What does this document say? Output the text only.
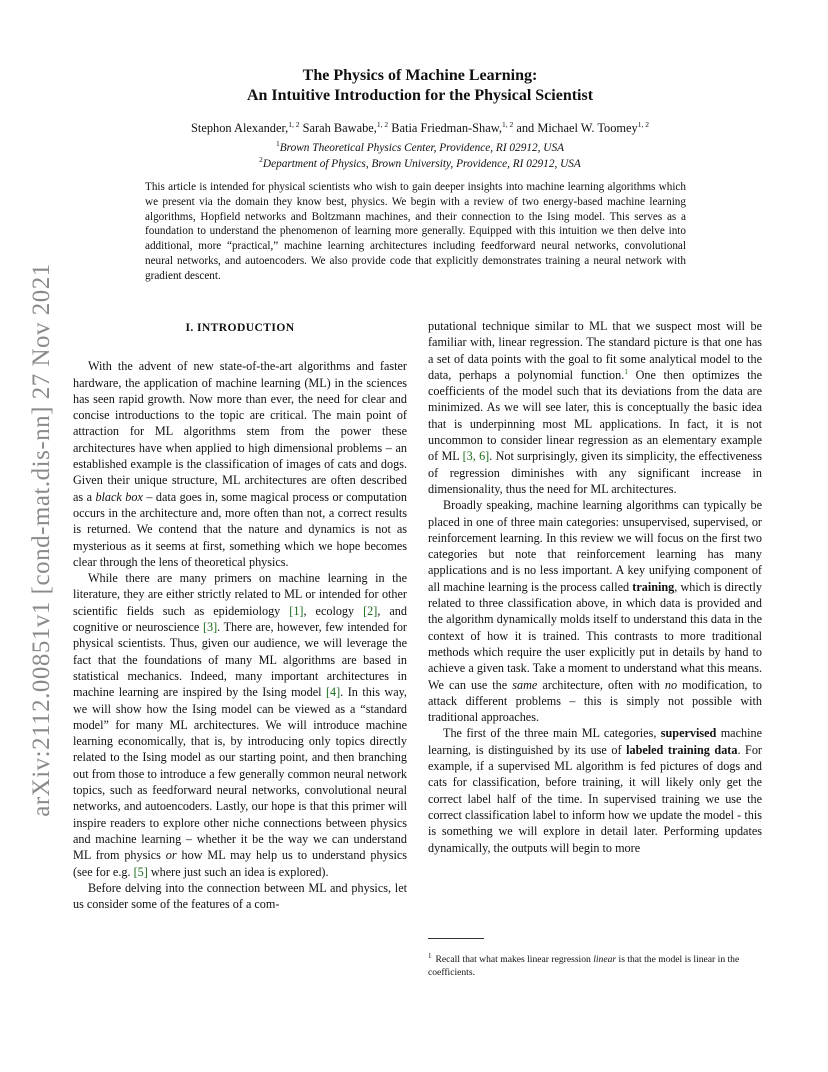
arXiv:2112.00851v1 [cond-mat.dis-nn] 27 Nov 2021
The Physics of Machine Learning:
An Intuitive Introduction for the Physical Scientist
Stephon Alexander,$^{1, 2}$ Sarah Bawabe,$^{1, 2}$ Batia Friedman-Shaw,$^{1, 2}$ and Michael W. Toomey$^{1, 2}$
$^1$Brown Theoretical Physics Center, Providence, RI 02912, USA
$^2$Department of Physics, Brown University, Providence, RI 02912, USA
This article is intended for physical scientists who wish to gain deeper insights into machine learning algorithms which we present via the domain they know best, physics. We begin with a review of two energy-based machine learning algorithms, Hopfield networks and Boltzmann machines, and their connection to the Ising model. This serves as a foundation to understand the phenomenon of learning more generally. Equipped with this intuition we then delve into additional, more “practical,” machine learning architectures including feedforward neural networks, convolutional neural networks, and autoencoders. We also provide code that explicitly demonstrates training a neural network with gradient descent.
I. INTRODUCTION

With the advent of new state-of-the-art algorithms and faster hardware, the application of machine learning (ML) in the sciences has seen rapid growth. Now more than ever, the need for clear and concise introductions to the topic are critical. The main point of attraction for ML algorithms stem from the power these architectures have when applied to high dimensional problems – an established example is the classification of images of cats and dogs. Given their unique structure, ML architectures are often described as a black box – data goes in, some magical process or computation occurs in the architecture and, more often than not, a correct results is returned. We contend that the nature and dynamics is not as mysterious as it seems at first, something which we hope becomes clear through the lens of theoretical physics.

While there are many primers on machine learning in the literature, they are either strictly related to ML or intended for other scientific fields such as epidemiology [1], ecology [2], and cognitive or neuroscience [3]. There are, however, few intended for physical scientists. Thus, given our audience, we will leverage the fact that the foundations of many ML algorithms are based in statistical mechanics. Indeed, many important architectures in machine learning are inspired by the Ising model [4]. In this way, we will show how the Ising model can be viewed as a “standard model” for many ML architectures. We will introduce machine learning economically, that is, by introducing only topics directly related to the Ising model as our starting point, and then branching out from those to introduce a few generally common neural network topics, such as feedforward neural networks, convolutional neural networks, and autoencoders. Lastly, our hope is that this primer will inspire readers to explore other niche connections between physics and machine learning – whether it be the way we can understand ML from physics or how ML may help us to understand physics (see for e.g. [5] where just such an idea is explored).

Before delving into the connection between ML and physics, let us consider some of the features of a com-

putational technique similar to ML that we suspect most will be familiar with, linear regression. The standard picture is that one has a set of data points with the goal to fit some analytical model to the data, perhaps a polynomial function.$^1$ One then optimizes the coefficients of the model such that its deviations from the data are minimized. As we will see later, this is conceptually the basic idea that is underpinning most ML applications. In fact, it is not uncommon to consider linear regression as an elementary example of ML [3, 6]. Not surprisingly, given its simplicity, the effectiveness of regression diminishes with any significant increase in dimensionality, thus the need for ML architectures.

Broadly speaking, machine learning algorithms can typically be placed in one of three main categories: unsupervised, supervised, or reinforcement learning. In this review we will focus on the first two categories but note that reinforcement learning has many applications and is no less important. A key unifying component of all machine learning is the process called training, which is directly related to three classification above, in which data is provided and the algorithm dynamically molds itself to understand this data in the context of how it is trained. This contrasts to more traditional methods which require the user explicitly put in details by hand to achieve a given task. Take a moment to understand what this means. We can use the same architecture, often with no modification, to attack different problems – this is simply not possible with traditional approaches.

The first of the three main ML categories, supervised machine learning, is distinguished by its use of labeled training data. For example, if a supervised ML algorithm is fed pictures of dogs and cats for classification, before training, it will likely only get the correct label half of the time. In supervised training we use the correct classification label to inform how we update the model - this is something we will explore in detail later. Performing updates dynamically, the outputs will begin to more

$^1$ Recall that what makes linear regression linear is that the model is linear in the coefficients.
